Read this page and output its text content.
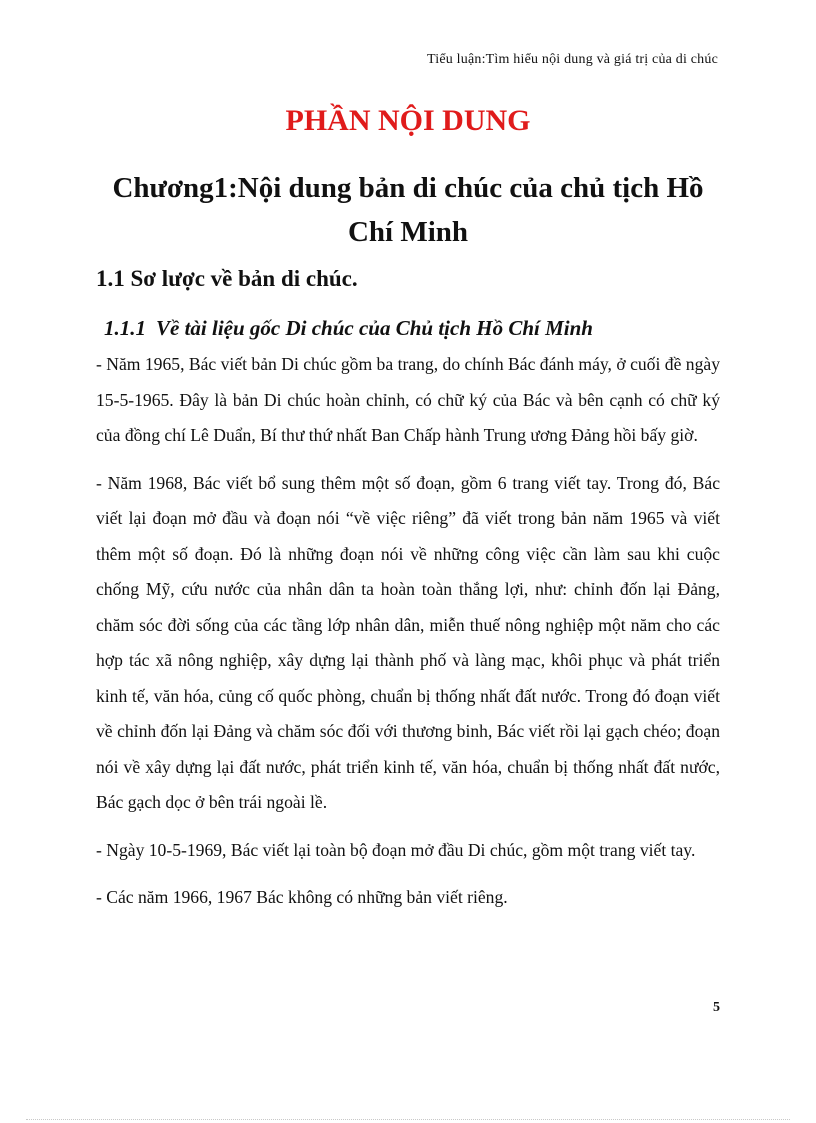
Tiểu luận:Tìm hiểu nội dung và giá trị của di chúc
PHẦN NỘI DUNG
Chương1:Nội dung bản di chúc của chủ tịch Hồ Chí Minh
1.1 Sơ lược về bản di chúc.
1.1.1 Về tài liệu gốc Di chúc của Chủ tịch Hồ Chí Minh

- Năm 1965, Bác viết bản Di chúc gồm ba trang, do chính Bác đánh máy, ở cuối đề ngày 15-5-1965. Đây là bản Di chúc hoàn chỉnh, có chữ ký của Bác và bên cạnh có chữ ký của đồng chí Lê Duẩn, Bí thư thứ nhất Ban Chấp hành Trung ương Đảng hồi bấy giờ.

- Năm 1968, Bác viết bổ sung thêm một số đoạn, gồm 6 trang viết tay. Trong đó, Bác viết lại đoạn mở đầu và đoạn nói “về việc riêng” đã viết trong bản năm 1965 và viết thêm một số đoạn. Đó là những đoạn nói về những công việc cần làm sau khi cuộc chống Mỹ, cứu nước của nhân dân ta hoàn toàn thắng lợi, như: chỉnh đốn lại Đảng, chăm sóc đời sống của các tầng lớp nhân dân, miễn thuế nông nghiệp một năm cho các hợp tác xã nông nghiệp, xây dựng lại thành phố và làng mạc, khôi phục và phát triển kinh tế, văn hóa, củng cố quốc phòng, chuẩn bị thống nhất đất nước. Trong đó đoạn viết về chỉnh đốn lại Đảng và chăm sóc đối với thương binh, Bác viết rồi lại gạch chéo; đoạn nói về xây dựng lại đất nước, phát triển kinh tế, văn hóa, chuẩn bị thống nhất đất nước, Bác gạch dọc ở bên trái ngoài lề.

- Ngày 10-5-1969, Bác viết lại toàn bộ đoạn mở đầu Di chúc, gồm một trang viết tay.

- Các năm 1966, 1967 Bác không có những bản viết riêng.

5
